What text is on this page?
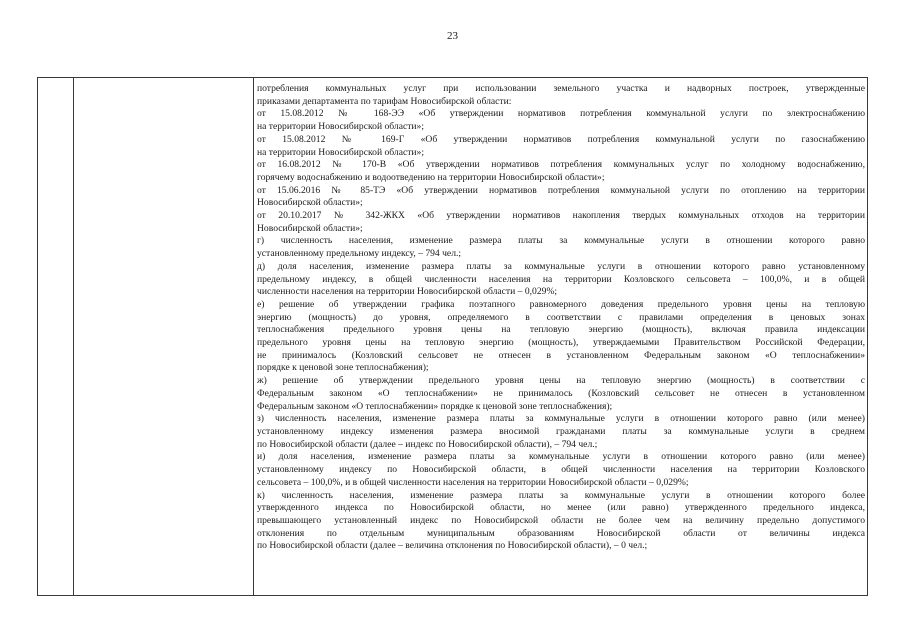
23
потребления коммунальных услуг при использовании земельного участка и надворных построек, утвержденные
приказами департамента по тарифам Новосибирской области:
от 15.08.2012 № 168-ЭЭ «Об утверждении нормативов потребления коммунальной услуги по электроснабжению
на территории Новосибирской области»;
от 15.08.2012 № 169-Г «Об утверждении нормативов потребления коммунальной услуги по газоснабжению
на территории Новосибирской области»;
от 16.08.2012 № 170-В «Об утверждении нормативов потребления коммунальных услуг по холодному водоснабжению,
горячему водоснабжению и водоотведению на территории Новосибирской области»;
от 15.06.2016 № 85-ТЭ «Об утверждении нормативов потребления коммунальной услуги по отоплению на территории
Новосибирской области»;
от 20.10.2017 № 342-ЖКХ «Об утверждении нормативов накопления твердых коммунальных отходов на территории
Новосибирской области»;
г) численность населения, изменение размера платы за коммунальные услуги в отношении которого равно
установленному предельному индексу, – 794 чел.;
д) доля населения, изменение размера платы за коммунальные услуги в отношении которого равно установленному
предельному индексу, в общей численности населения на территории Козловского сельсовета – 100,0%, и в общей
численности населения на территории Новосибирской области – 0,029%;
е) решение об утверждении графика поэтапного равномерного доведения предельного уровня цены на тепловую
энергию (мощность) до уровня, определяемого в соответствии с правилами определения в ценовых зонах
теплоснабжения предельного уровня цены на тепловую энергию (мощность), включая правила индексации
предельного уровня цены на тепловую энергию (мощность), утверждаемыми Правительством Российской Федерации,
не принималось (Козловский сельсовет не отнесен в установленном Федеральным законом «О теплоснабжении»
порядке к ценовой зоне теплоснабжения);
ж) решение об утверждении предельного уровня цены на тепловую энергию (мощность) в соответствии с
Федеральным законом «О теплоснабжении» не принималось (Козловский сельсовет не отнесен в установленном
Федеральным законом «О теплоснабжении» порядке к ценовой зоне теплоснабжения);
з) численность населения, изменение размера платы за коммунальные услуги в отношении которого равно (или менее)
установленному индексу изменения размера вносимой гражданами платы за коммунальные услуги в среднем
по Новосибирской области (далее – индекс по Новосибирской области), – 794 чел.;
и) доля населения, изменение размера платы за коммунальные услуги в отношении которого равно (или менее)
установленному индексу по Новосибирской области, в общей численности населения на территории Козловского
сельсовета – 100,0%, и в общей численности населения на территории Новосибирской области – 0,029%;
к) численность населения, изменение размера платы за коммунальные услуги в отношении которого более
утвержденного индекса по Новосибирской области, но менее (или равно) утвержденного предельного индекса,
превышающего установленный индекс по Новосибирской области не более чем на величину предельно допустимого
отклонения по отдельным муниципальным образованиям Новосибирской области от величины индекса
по Новосибирской области (далее – величина отклонения по Новосибирской области), – 0 чел.;
